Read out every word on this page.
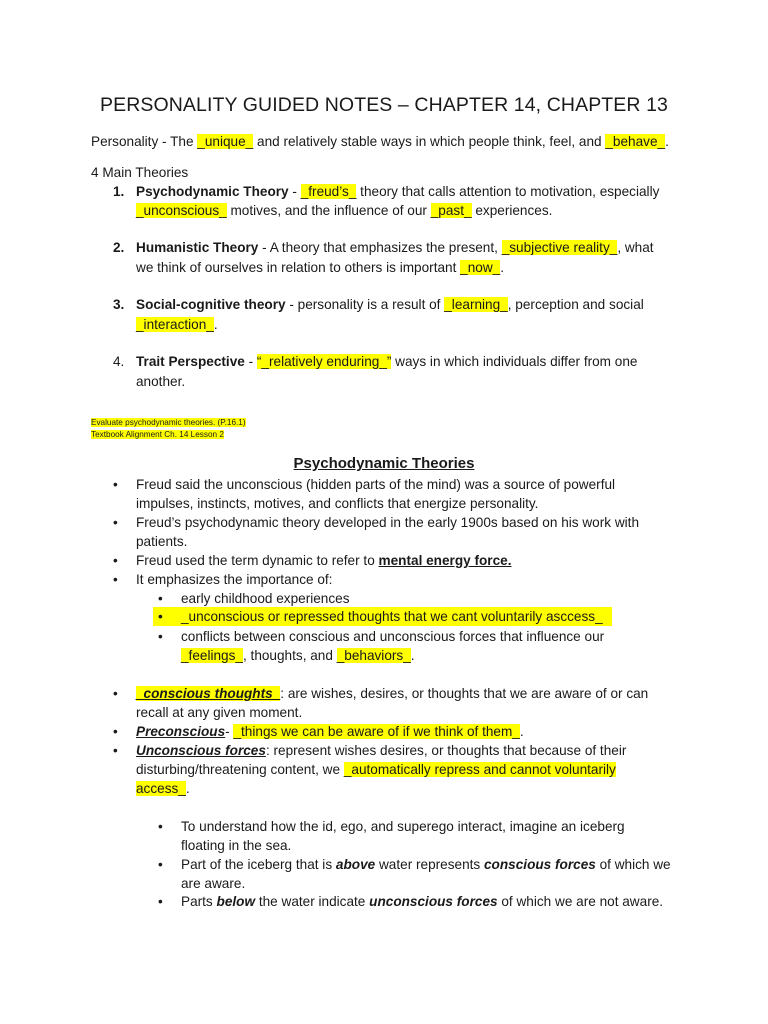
PERSONALITY GUIDED NOTES – CHAPTER 14, CHAPTER 13
Personality - The _unique_ and relatively stable ways in which people think, feel, and _behave_.
4 Main Theories
1. Psychodynamic Theory - _freud’s_ theory that calls attention to motivation, especially
_unconscious_ motives, and the influence of our _past_ experiences.
2. Humanistic Theory - A theory that emphasizes the present, _subjective reality_, what
we think of ourselves in relation to others is important _now_.
3. Social-cognitive theory - personality is a result of _learning_, perception and social
_interaction_.
4. Trait Perspective - “_relatively enduring_” ways in which individuals differ from one
another.
Evaluate psychodynamic theories. (P.16.1)
Textbook Alignment Ch. 14 Lesson 2
Psychodynamic Theories
• Freud said the unconscious (hidden parts of the mind) was a source of powerful
impulses, instincts, motives, and conflicts that energize personality.
• Freud’s psychodynamic theory developed in the early 1900s based on his work with
patients.
• Freud used the term dynamic to refer to mental energy force.
• It emphasizes the importance of:
• early childhood experiences
• _unconscious or repressed thoughts that we cant voluntarily asccess_
• conflicts between conscious and unconscious forces that influence our
_feelings_, thoughts, and _behaviors_.
• _conscious thoughts_: are wishes, desires, or thoughts that we are aware of or can
recall at any given moment.
• Preconscious- _things we can be aware of if we think of them_.
• Unconscious forces: represent wishes desires, or thoughts that because of their
disturbing/threatening content, we _automatically repress and cannot voluntarily
access_.
• To understand how the id, ego, and superego interact, imagine an iceberg
floating in the sea.
• Part of the iceberg that is above water represents conscious forces of which we
are aware.
• Parts below the water indicate unconscious forces of which we are not aware.
